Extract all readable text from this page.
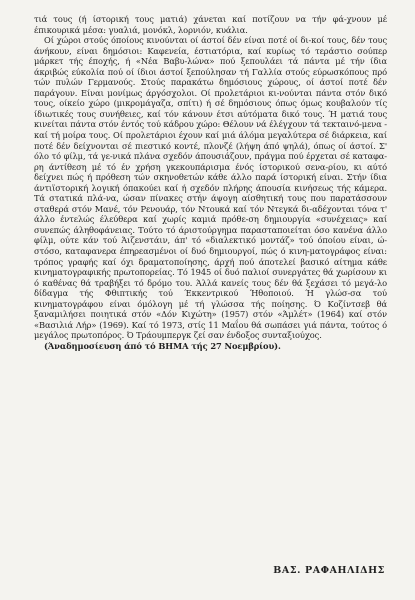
τιά τους (ή ίστορική τους ματιά) χάνεται καί ποτίζουν να τήν φά-χνουν μέ έπικουρικά μέσα: γυαλιά, μονόκλ, λορνιόν, κυάλια.

Οί χώροι στούς όποίους κινούνται οί άστοί δέν είναι ποτέ οί δι-κοί τους, δέν τους άνήκουν, είναι δημόσιοι: Καφενεία, έστιατόρια, καί κυρίως τό τεράστιο σούπερ μάρκετ τής έποχής, ή «Νέα Βαβυ-λώνα» πού ξεπουλάει τά πάντα μέ τήν ίδια άκριβώς εύκολία πού οί ίδιοι άστοί ξεπούλησαν τή Γαλλία στούς εύρωσκόπους πρό τών πυλών Γερμανούς. Στούς παρακάτω δημόσιους χώρους, οί άστοί ποτέ δέν παράγουν. Είναι μονίμως άργόσχολοι. Οί προλετάριοι κι-νούνται πάντα στόν δικό τους, οίκείο χώρο (μικρομάγαζα, σπίτι) ή σέ δημόσιους όπως όμως κουβαλούν τίς ίδιωτικές τους συνήθειες, καί τόν κάνουν έτσι αύτόματα δικό τους. Ή ματιά τους κινείται πάντα στόν έντός τού κάδρου χώρο: Θέλουν νά έλέγχουν τά τεκταινό-μενα - καί τή μοίρα τους. Οί προλετάριοι έχουν καί μιά άλόμα μεγαλύτερα σέ διάρκεια, καί ποτέ δέν δείχνονται σέ πιεστικό κοντέ, πλονζέ (λήψη άπό ψηλά), όπως οί άστοί. Σ' όλο τό φίλμ, τά γε-νικά πλάνα σχεδόν άπουσιάζουν, πράγμα πού έρχεται σέ καταφα-ρη άντίθεση μέ τό έν χρήση γκεκουπάρισμα ένός ίστορικού σενα-ρίου, κι αύτό δείχνει πώς ή πρόθεση τών σκηνοθετών κάθε άλλο παρά ίστορική είναι. Στήν ίδια άντιϊστορική λογική όπακούει καί ή σχεδόν πλήρης άπουσία κινήσεως τής κάμερα. Τά στατικά πλά-να, ώσαν πίνακες στήν άψογη αίσθητική τους που παρατάσσουν σταθερά στόν Μανέ, τόν Ρενουάρ, τόν Ντουκά καί τόν Ντεγκά δι-αδέχονται τόνα τ' άλλο έντελώς έλεύθερα καί χωρίς καμιά πρόθε-ση δημιουργία «συνέχειας» καί συνεπώς άληθοφάνειας. Τούτο τό άριστούργημα παρασταποιείται όσο κανένα άλλο φίλμ, ούτε κάν τού Άιζενστάιν, άπ' τό «διαλεκτικό μοντάζ» τού όποίου είναι, ώ-στόσο, καταφανερα έπηρεασμένοι οί δυό δημιουργοί, πώς ό κινη-ματογράφος είναι: τρόπος γραφής καί όχι δραματοποίησης, άρχή πού άποτελεί βασικό αίτημα κάθε κινηματογραφικής πρωτοπορείας. Τό 1945 οί δυό παλιοί συνεργάτες θά χωρίσουν κι ό καθένας θά τραβήξει τό δρόμο του. Άλλά κανείς τους δέν θά ξεχάσει τό μεγά-λο δίδαγμα τής Φθιπτικής τού Έκκεντρικού Ήθοποιού. Ή γλώσ-σα τού κινηματογράφου είναι όμόλογη μέ τή γλώσσα τής ποίησης. Ό Κοζίντσεβ θά ξαναμιλήσει ποιητικά στόν «Δόν Κιχώτη» (1957) στόν «Άμλέτ» (1964) καί στόν «Βασιλιά Λήρ» (1969). Καί τό 1973, στίς 11 Μαΐου θά σωπάσει γιά πάντα, τούτος ό μεγάλος πρωτοπόρος. Ό Τράουμπεργκ ζεί σαν ένδοξος συνταξιούχος.

(Άναδημοσίευση άπό τό ΒΗΜΑ τής 27 Νοεμβρίου).

ΒΑΣ. ΡΑΦΑΗΛΙΔΗΣ
